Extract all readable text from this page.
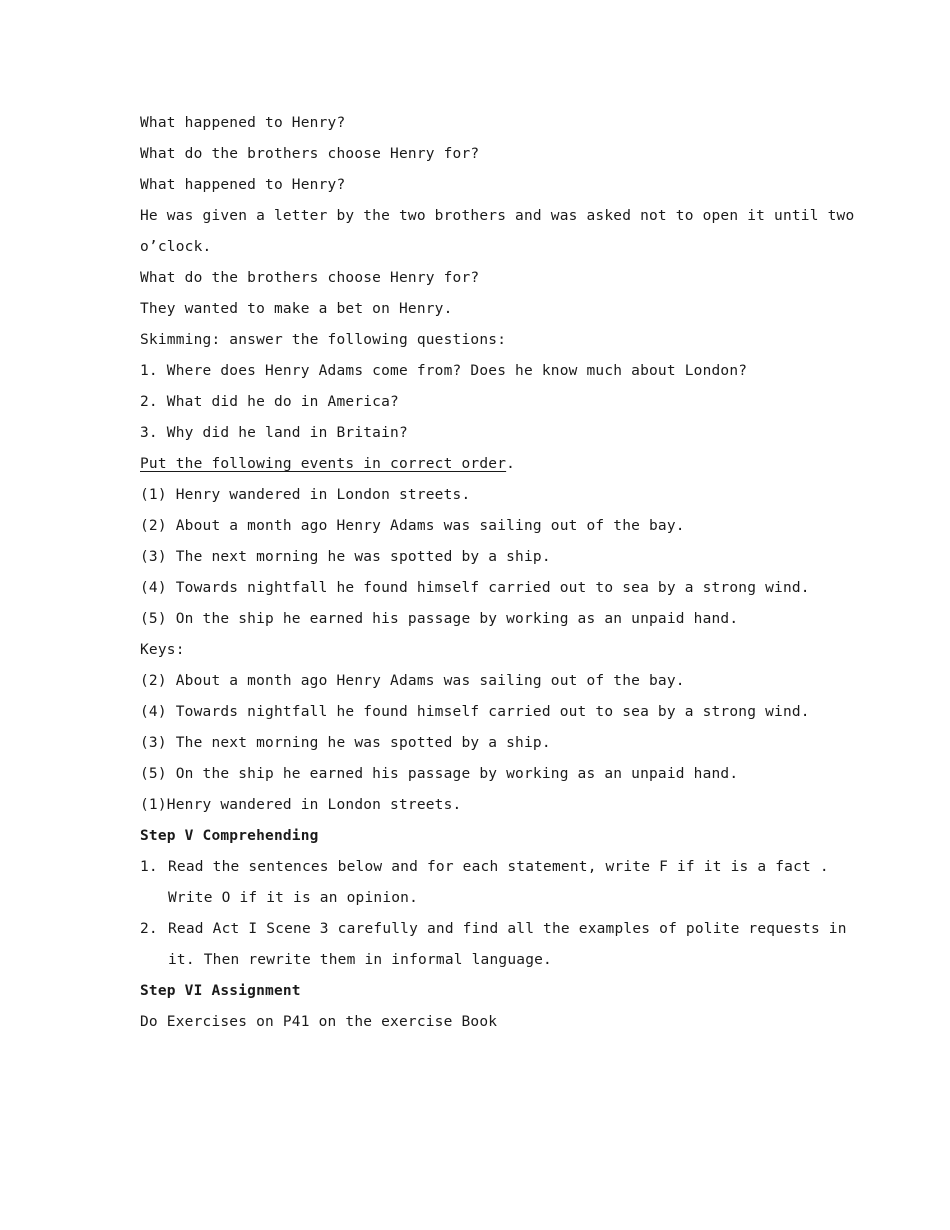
What happened to Henry?
What do the brothers choose Henry for?
What happened to Henry?
He was given a letter by the two brothers and was asked not to open it until two
o’clock.
What do the brothers choose Henry for?
They wanted to make a bet on Henry.
Skimming: answer the following questions:
1. Where does Henry Adams come from? Does he know much about London?
2. What did he do in America?
3. Why did he land in Britain?
Put the following events in correct order.
(1) Henry wandered in London streets.
(2) About a month ago Henry Adams was sailing out of the bay.
(3) The next morning he was spotted by a ship.
(4) Towards nightfall he found himself carried out to sea by a strong wind.
(5) On the ship he earned his passage by working as an unpaid hand.
Keys:
(2) About a month ago Henry Adams was sailing out of the bay.
(4) Towards nightfall he found himself carried out to sea by a strong wind.
(3) The next morning he was spotted by a ship.
(5) On the ship he earned his passage by working as an unpaid hand.
(1)Henry wandered in London streets.
Step V Comprehending
1. Read the sentences below and for each statement, write F if it is a fact .
Write O if it is an opinion.
2. Read Act I Scene 3 carefully and find all the examples of polite requests in
it. Then rewrite them in informal language.
Step VI Assignment
Do Exercises on P41 on the exercise Book
